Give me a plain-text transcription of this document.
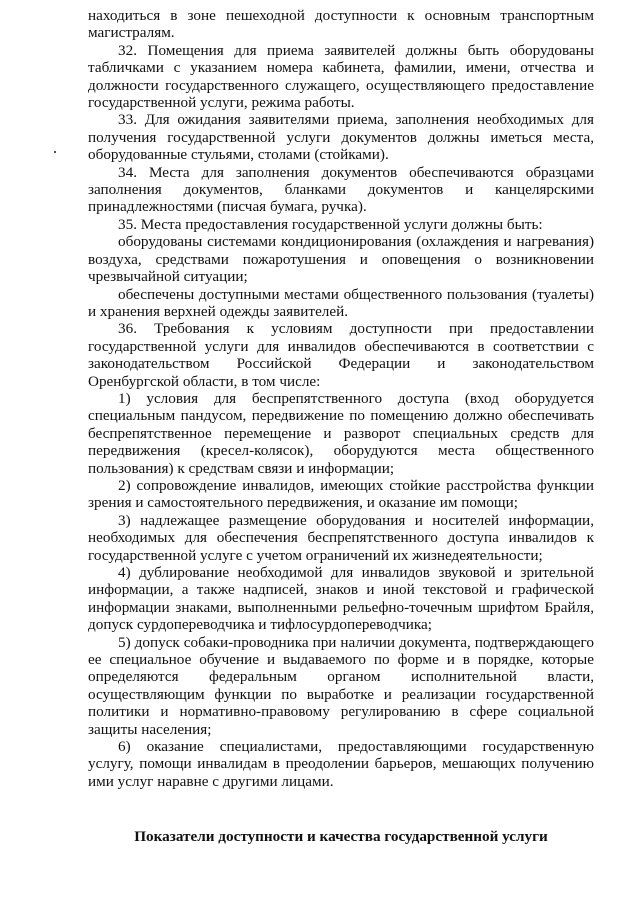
находиться в зоне пешеходной доступности к основным транспортным магистралям.

32. Помещения для приема заявителей должны быть оборудованы табличками с указанием номера кабинета, фамилии, имени, отчества и должности государственного служащего, осуществляющего предоставление государственной услуги, режима работы.

33. Для ожидания заявителями приема, заполнения необходимых для получения государственной услуги документов должны иметься места, оборудованные стульями, столами (стойками).

34. Места для заполнения документов обеспечиваются образцами заполнения документов, бланками документов и канцелярскими принадлежностями (писчая бумага, ручка).

35. Места предоставления государственной услуги должны быть:

оборудованы системами кондиционирования (охлаждения и нагревания) воздуха, средствами пожаротушения и оповещения о возникновении чрезвычайной ситуации;

обеспечены доступными местами общественного пользования (туалеты) и хранения верхней одежды заявителей.

36. Требования к условиям доступности при предоставлении государственной услуги для инвалидов обеспечиваются в соответствии с законодательством Российской Федерации и законодательством Оренбургской области, в том числе:

1) условия для беспрепятственного доступа (вход оборудуется специальным пандусом, передвижение по помещению должно обеспечивать беспрепятственное перемещение и разворот специальных средств для передвижения (кресел-колясок), оборудуются места общественного пользования) к средствам связи и информации;

2) сопровождение инвалидов, имеющих стойкие расстройства функции зрения и самостоятельного передвижения, и оказание им помощи;

3) надлежащее размещение оборудования и носителей информации, необходимых для обеспечения беспрепятственного доступа инвалидов к государственной услуге с учетом ограничений их жизнедеятельности;

4) дублирование необходимой для инвалидов звуковой и зрительной информации, а также надписей, знаков и иной текстовой и графической информации знаками, выполненными рельефно-точечным шрифтом Брайля, допуск сурдопереводчика и тифлосурдопереводчика;

5) допуск собаки-проводника при наличии документа, подтверждающего ее специальное обучение и выдаваемого по форме и в порядке, которые определяются федеральным органом исполнительной власти, осуществляющим функции по выработке и реализации государственной политики и нормативно-правовому регулированию в сфере социальной защиты населения;

6) оказание специалистами, предоставляющими государственную услугу, помощи инвалидам в преодолении барьеров, мешающих получению ими услуг наравне с другими лицами.

Показатели доступности и качества государственной услуги
